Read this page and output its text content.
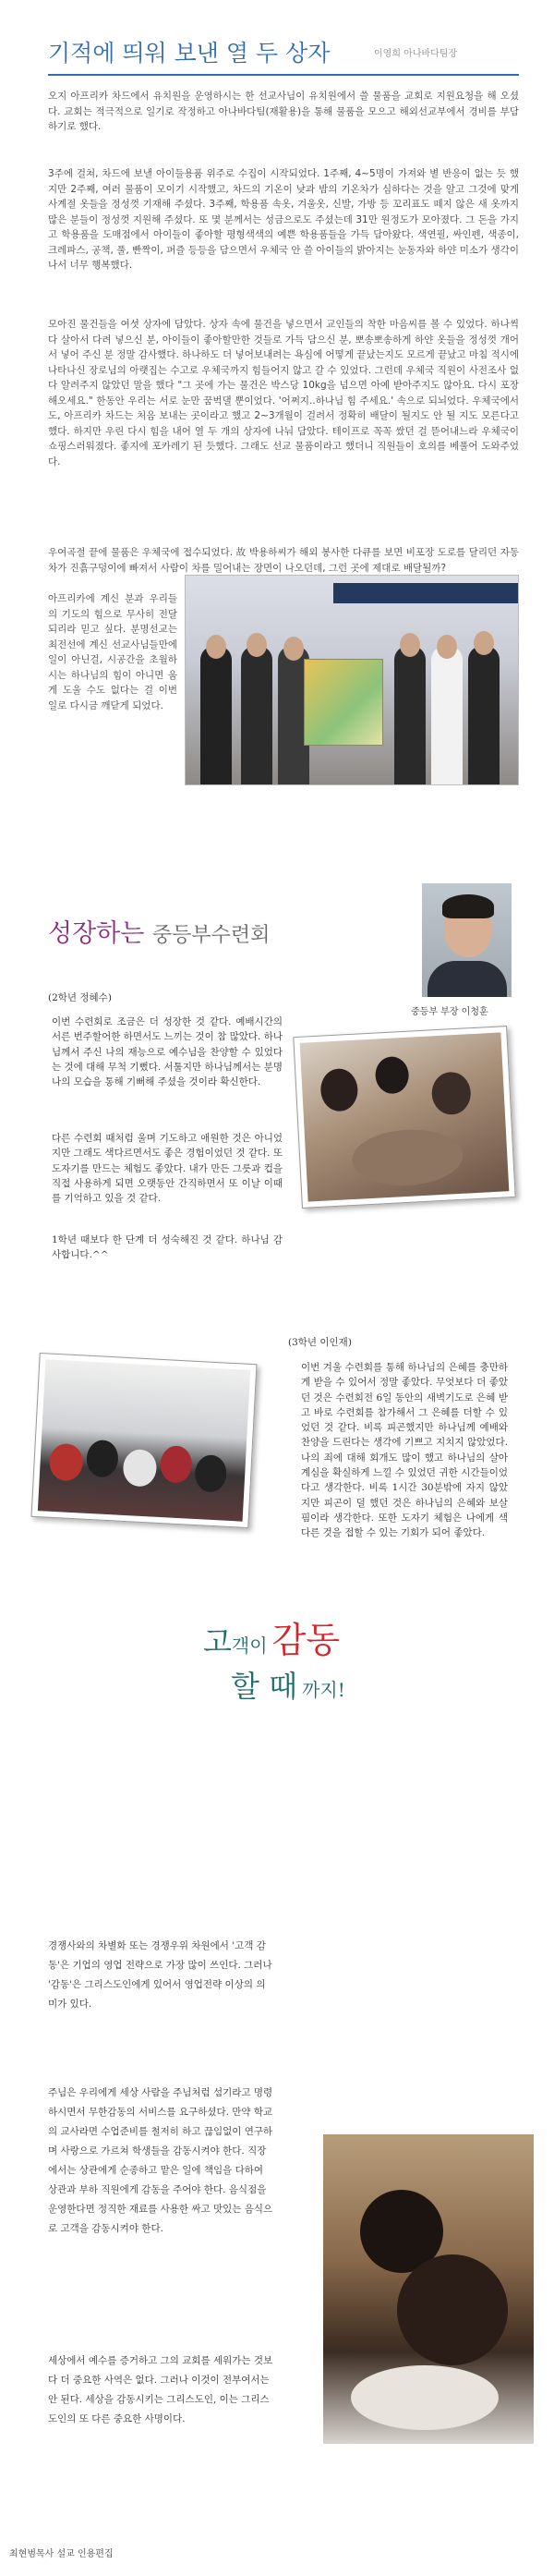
기적에 띄워 보낸 열 두 상자	이영희 아나바다팀장

오지 아프리카 차드에서 유치원을 운영하시는 한 선교사님이 유치원에서 쓸 물품을 교회로 지원요청을 해 오셨다. 교회는 적극적으로 일기로 작정하고 아나바다팀(재활용)을 통해 물품을 모으고 해외선교부에서 경비를 부담하기로 했다.

3주에 걸쳐, 차드에 보낼 아이들용품 위주로 수집이 시작되었다. 1주째, 4~5명이 가져와 별 반응이 없는 듯 했지만 2주째, 여러 물품이 모이기 시작했고, 차드의 기온이 낮과 밤의 기온차가 심하다는 것을 알고 그것에 맞게 사계절 옷들을 정성껏 기재해 주셨다. 3주째, 학용품 속옷, 겨울옷, 신발, 가방 등 꼬리표도 떼지 않은 새 옷까지 많은 분들이 정성껏 지원해 주셨다. 또 몇 분께서는 성금으로도 주셨는데 31만 원정도가 모아졌다. 그 돈을 가지고 학용품을 도매점에서 아이들이 좋아할 평형색색의 예쁜 학용품들을 가득 담아왔다. 색연필, 싸인펜, 색종이, 크레파스, 공책, 풀, 빤짝이, 퍼즐 등등을 담으면서 우체국 안 쓸 아이들의 밝아지는 눈동자와 하얀 미소가 생각이 나서 너무 행복했다.

모아진 물건들을 여섯 상자에 담았다. 상자 속에 물건을 넣으면서 교인들의 착한 마음씨를 볼 수 있었다. 하나씩 다 살아서 다려 넣으신 분, 아이들이 좋아할만한 것들로 가득 담으신 분, 뽀송뽀송하게 하얀 옷들을 정성껏 개어서 넣어 주신 분 정말 감사했다. 하나하도 더 넣어보내려는 욕심에 어떻게 끝났는지도 모르게 끝났고 마침 적시에 나타나신 장로님의 아랫집는 수고로 우체국까지 힘들어지 않고 갈 수 있었다. 그런데 우체국 직원이 사전조사 없다 알려주지 않았던 말을 했다 "그 곳에 가는 물건은 박스당 10kg을 넘으면 아예 받아주지도 않아요. 다시 포장해오세요." 한동안 우리는 서로 눈만 꿈벅댈 뿐이었다. '어쩌지..하나님 힘 주세요.' 속으로 되뇌었다. 우체국에서도, 아프리카 차드는 처음 보내는 곳이라고 했고 2~3개월이 걸려서 정확히 배달이 될지도 안 될 지도 모른다고 했다. 하지만 우린 다시 힘을 내어 열 두 개의 상자에 나눠 담았다. 테이프로 꼭꼭 쌌던 걸 뜯어내느라 우체국이 쇼핑스러워졌다. 좋지에 포카레기 된 듯했다. 그래도 선교 물품이라고 했더니 직원들이 호의를 베풀어 도와주었다.

우여곡절 끝에 물품은 우체국에 접수되었다. 故 박용하씨가 해외 봉사한 다큐를 보면 비포장 도로를 달리던 자동차가 진흙구덩이에 빠져서 사람이 차를 밀어내는 장면이 나오던데, 그런 곳에 제대로 배달될까?

아프리카에 계신 분과 우리들의 기도의 힘으로 무사히 전달되리라 믿고 싶다. 분명선교는 최전선에 계신 선교사님들만에 일이 아닌걸, 시공간을 초월하시는 하나님의 힘이 아니면 움게 도울 수도 없다는 걸 이번 일로 다시금 깨닫게 되었다.

성장하는 중등부수련회
중등부 부장 이청훈
(2학년 정혜수)

이번 수련회로 조금은 더 성장한 것 같다. 예배시간의 서른 번주할어한 하면서도 느끼는 것이 참 많았다. 하나님께서 주신 나의 재능으로 예수님을 찬양할 수 있었다는 것에 대해 무척 기뻤다. 서툴지만 하나님께서는 분명 나의 모습을 통해 기뻐해 주셨을 것이라 확신한다.

다른 수련회 때처럼 울며 기도하고 애원한 것은 아니었지만 그래도 색다르면서도 좋은 경험이었던 것 같다. 또 도자기를 만드는 체험도 좋았다. 내가 만든 그릇과 컵을 직접 사용하게 되면 오랫동안 간직하면서 또 이날 이때를 기억하고 있을 것 같다.

1학년 때보다 한 단계 더 성숙해진 것 같다. 하나님 감사합니다.^^

(3학년 이인재)

이번 겨울 수련회를 통해 하나님의 은혜를 충만하게 받을 수 있어서 정말 좋았다. 무엇보다 더 좋았던 것은 수련회전 6일 동안의 새벽기도로 은혜 받고 바로 수련회를 참가해서 그 은혜를 더할 수 있었던 것 같다. 비록 피곤했지만 하나님께 예배와 찬양을 드린다는 생각에 기쁘고 지치지 않았었다. 나의 죄에 대해 회개도 많이 했고 하나님의 살아계심을 확실하게 느낄 수 있었던 귀한 시간들이었다고 생각한다. 비록 1시간 30분밖에 자지 않았지만 피곤이 덜 했던 것은 하나님의 은혜와 보살핌이라 생각한다. 또한 도자기 체험은 나에게 색다른 것을 접할 수 있는 기회가 되어 좋았다.

고객이 감동
할 때 까지!

경쟁사와의 차별화 또는 경쟁우위 차원에서 '고객 감동'은 기업의 영업 전략으로 가장 많이 쓰인다. 그러나 '감동'은 그리스도인에게 있어서 영업전략 이상의 의미가 있다.

주님은 우리에게 세상 사람을 주님처럼 섬기라고 명령하시면서 무한감동의 서비스를 요구하셨다. 만약 학교의 교사라면 수업준비를 철저히 하고 끊임없이 연구하며 사랑으로 가르쳐 학생들을 감동시켜야 한다. 직장에서는 상관에게 순종하고 맡은 일에 책임을 다하여 상관과 부하 직원에게 감동을 주어야 한다. 음식점을 운영한다면 정직한 재료를 사용한 싸고 맛있는 음식으로 고객을 감동시켜야 한다.

세상에서 예수를 증거하고 그의 교회를 세워가는 것보다 더 중요한 사역은 없다. 그러나 이것이 전부여서는 안 된다. 세상을 감동시키는 그리스도인, 이는 그리스도인의 또 다른 중요한 사명이다.

최현범목사 설교 인용편집
